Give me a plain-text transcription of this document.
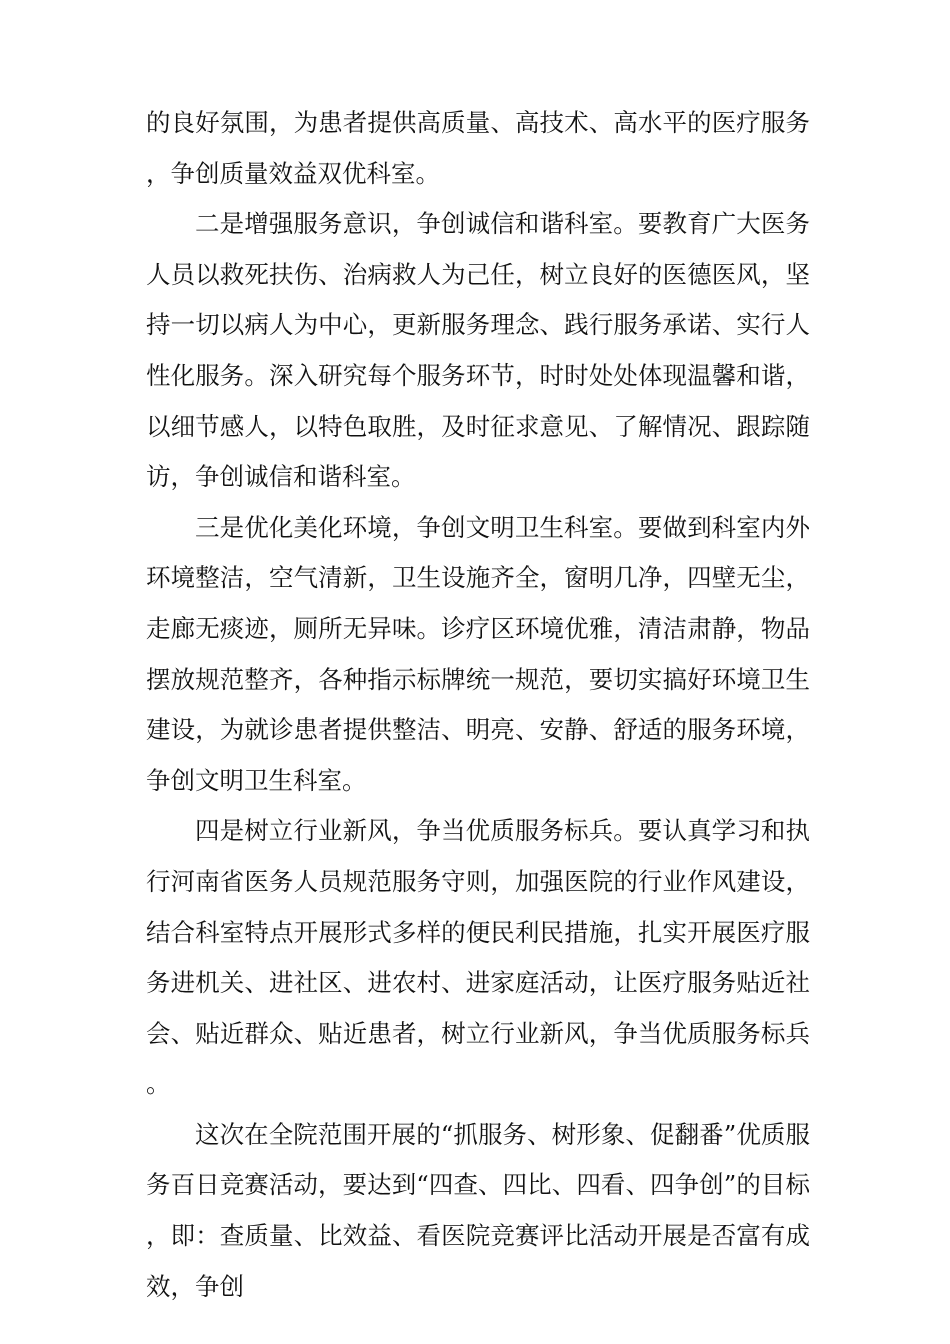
的良好氛围，为患者提供高质量、高技术、高水平的医疗服务，争创质量效益双优科室。

二是增强服务意识，争创诚信和谐科室。要教育广大医务人员以救死扶伤、治病救人为己任，树立良好的医德医风，坚持一切以病人为中心，更新服务理念、践行服务承诺、实行人性化服务。深入研究每个服务环节，时时处处体现温馨和谐，以细节感人，以特色取胜，及时征求意见、了解情况、跟踪随访，争创诚信和谐科室。

三是优化美化环境，争创文明卫生科室。要做到科室内外环境整洁，空气清新，卫生设施齐全，窗明几净，四壁无尘，走廊无痰迹，厕所无异味。诊疗区环境优雅，清洁肃静，物品摆放规范整齐，各种指示标牌统一规范，要切实搞好环境卫生建设，为就诊患者提供整洁、明亮、安静、舒适的服务环境，争创文明卫生科室。

四是树立行业新风，争当优质服务标兵。要认真学习和执行河南省医务人员规范服务守则，加强医院的行业作风建设，结合科室特点开展形式多样的便民利民措施，扎实开展医疗服务进机关、进社区、进农村、进家庭活动，让医疗服务贴近社会、贴近群众、贴近患者，树立行业新风，争当优质服务标兵。

这次在全院范围开展的“抓服务、树形象、促翻番”优质服务百日竞赛活动，要达到“四查、四比、四看、四争创”的目标，即：查质量、比效益、看医院竞赛评比活动开展是否富有成效，争创
